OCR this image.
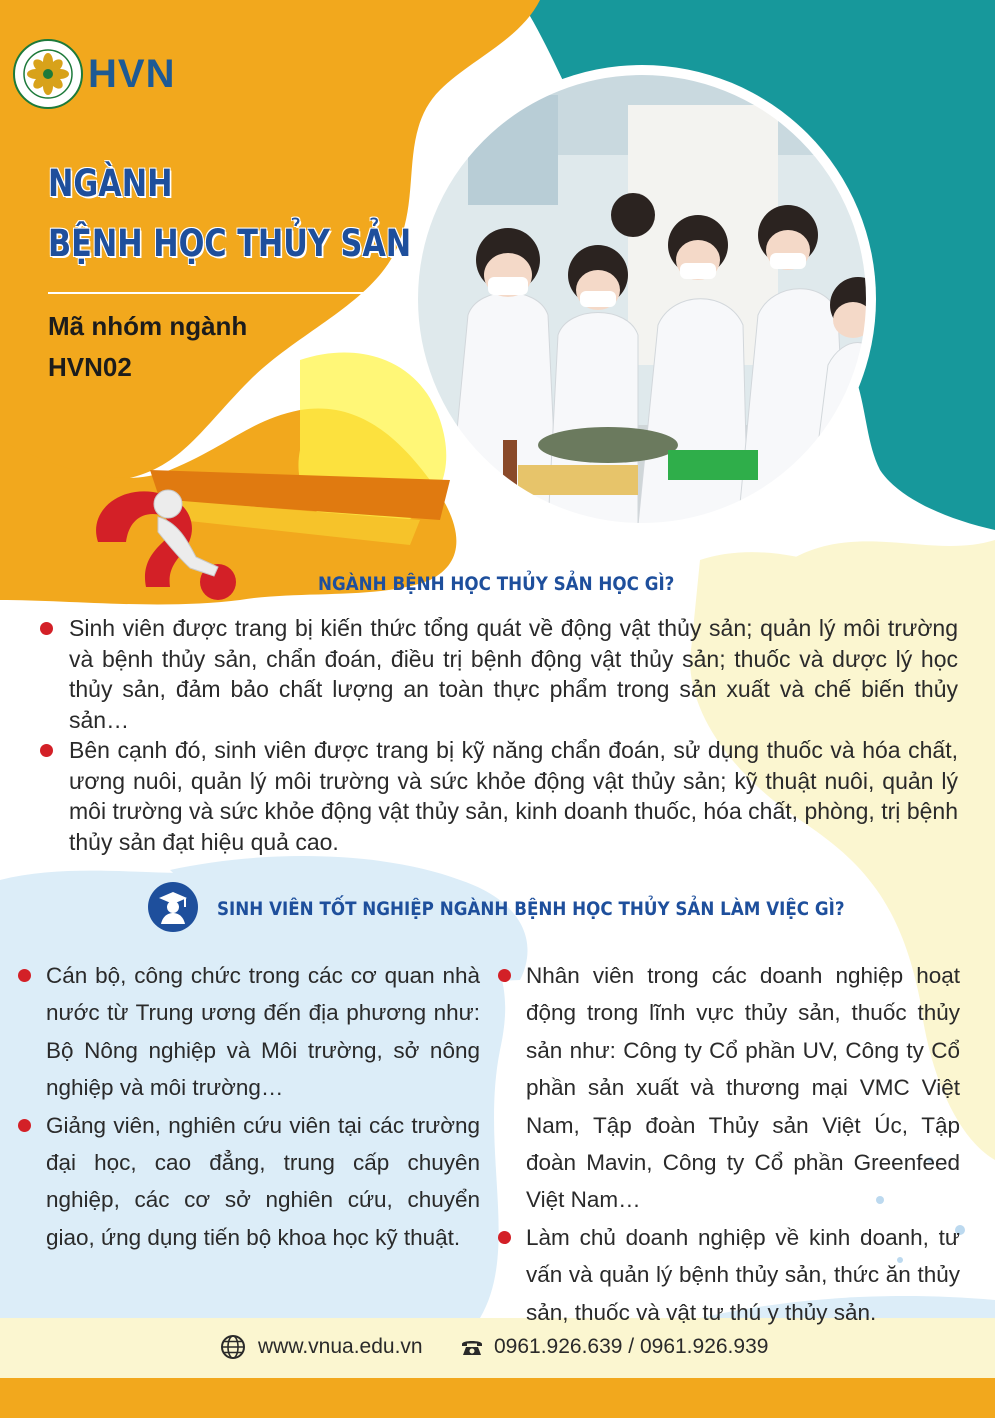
HVN
NGÀNH
BỆNH HỌC THỦY SẢN
Mã nhóm ngành
HVN02
NGÀNH BỆNH HỌC THỦY SẢN HỌC GÌ?
Sinh viên được trang bị kiến thức tổng quát về động vật thủy sản; quản lý môi trường và bệnh thủy sản, chẩn đoán, điều trị bệnh động vật thủy sản; thuốc và dược lý học thủy sản, đảm bảo chất lượng an toàn thực phẩm trong sản xuất và chế biến thủy sản…
Bên cạnh đó, sinh viên được trang bị kỹ năng chẩn đoán, sử dụng thuốc và hóa chất, ương nuôi, quản lý môi trường và sức khỏe động vật thủy sản; kỹ thuật nuôi, quản lý môi trường và sức khỏe động vật thủy sản, kinh doanh thuốc, hóa chất, phòng, trị bệnh thủy sản đạt hiệu quả cao.
SINH VIÊN TỐT NGHIỆP NGÀNH BỆNH HỌC THỦY SẢN LÀM VIỆC GÌ?
Cán bộ, công chức trong các cơ quan nhà nước từ Trung ương đến địa phương như: Bộ Nông nghiệp và Môi trường, sở nông nghiệp và môi trường…
Giảng viên, nghiên cứu viên tại các trường đại học, cao đẳng, trung cấp chuyên nghiệp, các cơ sở nghiên cứu, chuyển giao, ứng dụng tiến bộ khoa học kỹ thuật.
Nhân viên trong các doanh nghiệp hoạt động trong lĩnh vực thủy sản, thuốc thủy sản như: Công ty Cổ phần UV, Công ty Cổ phần sản xuất và thương mại VMC Việt Nam, Tập đoàn Thủy sản Việt Úc, Tập đoàn Mavin, Công ty Cổ phần Greenfeed Việt Nam…
Làm chủ doanh nghiệp về kinh doanh, tư vấn và quản lý bệnh thủy sản, thức ăn thủy sản, thuốc và vật tư thú y thủy sản.
www.vnua.edu.vn	0961.926.639 / 0961.926.939
